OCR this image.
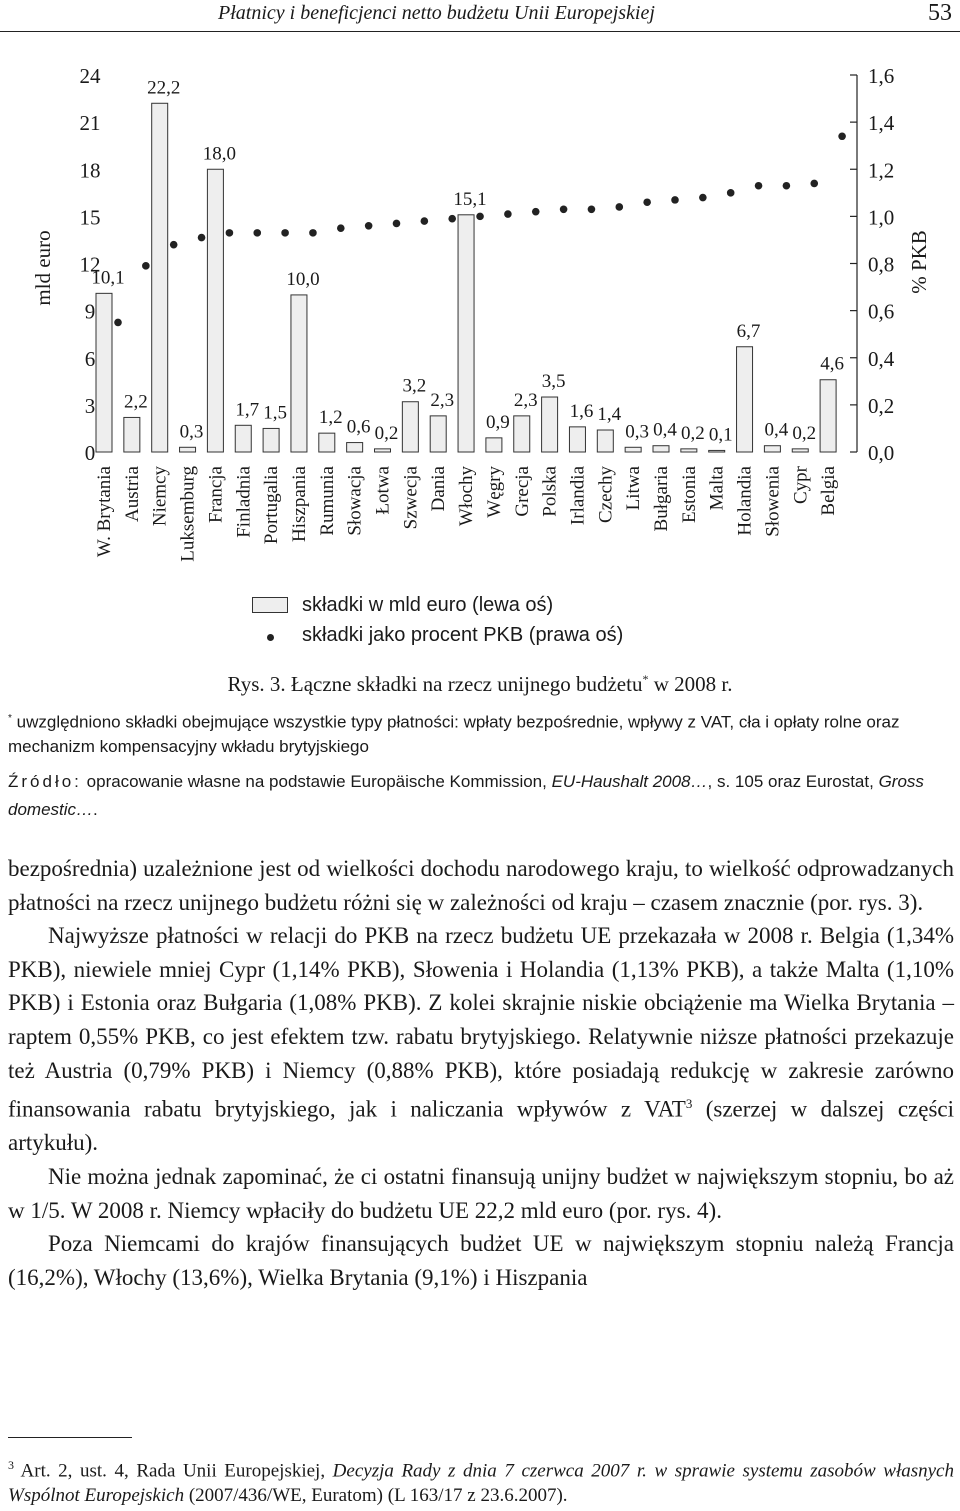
Płatnicy i beneficjenci netto budżetu Unii Europejskiej	53
mld euro	% PKB
0
3
6
9
12
15
18
21
24
0,0
0,2
0,4
0,6
0,8
1,0
1,2
1,4
1,6
10,1
2,2
22,2
0,3
18,0
1,7 1,5
10,0
1,2 0,6 0,2
3,2
2,3
15,1
0,9
2,3
3,5
1,6 1,4
0,3 0,4 0,2 0,1
6,7
0,4 0,2
4,6
W. Brytania Austria Niemcy Luksemburg Francja Finladnia Portugalia Hiszpania Rumunia Słowacja Łotwa Szwecja Dania Włochy Węgry Grecja Polska Irlandia Czechy Litwa Bułgaria Estonia Malta Holandia Słowenia Cypr Belgia
składki w mld euro (lewa oś)
składki jako procent PKB (prawa oś)
Rys. 3. Łączne składki na rzecz unijnego budżetu* w 2008 r.
* uwzględniono składki obejmujące wszystkie typy płatności: wpłaty bezpośrednie, wpływy z VAT, cła i opłaty rolne oraz mechanizm kompensacyjny wkładu brytyjskiego
Źródło: opracowanie własne na podstawie Europäische Kommission, EU-Haushalt 2008…, s. 105 oraz Eurostat, Gross domestic….

bezpośrednia) uzależnione jest od wielkości dochodu narodowego kraju, to wielkość odprowadzanych płatności na rzecz unijnego budżetu różni się w zależności od kraju – czasem znacznie (por. rys. 3).

Najwyższe płatności w relacji do PKB na rzecz budżetu UE przekazała w 2008 r. Belgia (1,34% PKB), niewiele mniej Cypr (1,14% PKB), Słowenia i Holandia (1,13% PKB), a także Malta (1,10% PKB) i Estonia oraz Bułgaria (1,08% PKB). Z kolei skrajnie niskie obciążenie ma Wielka Brytania – raptem 0,55% PKB, co jest efektem tzw. rabatu brytyjskiego. Relatywnie niższe płatności przekazuje też Austria (0,79% PKB) i Niemcy (0,88% PKB), które posiadają redukcję w zakresie zarówno finansowania rabatu brytyjskiego, jak i naliczania wpływów z VAT$^3$ (szerzej w dalszej części artykułu).

Nie można jednak zapominać, że ci ostatni finansują unijny budżet w największym stopniu, bo aż w 1/5. W 2008 r. Niemcy wpłaciły do budżetu UE 22,2 mld euro (por. rys. 4).

Poza Niemcami do krajów finansujących budżet UE w największym stopniu należą Francja (16,2%), Włochy (13,6%), Wielka Brytania (9,1%) i Hiszpania

$^3$ Art. 2, ust. 4, Rada Unii Europejskiej, Decyzja Rady z dnia 7 czerwca 2007 r. w sprawie systemu zasobów własnych Wspólnot Europejskich (2007/436/WE, Euratom) (L 163/17 z 23.6.2007).
